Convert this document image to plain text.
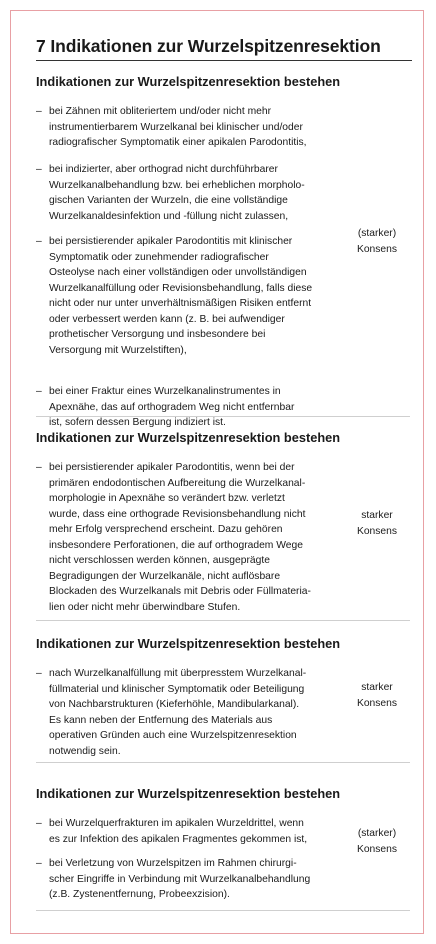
7 Indikationen zur Wurzelspitzenresektion
Indikationen zur Wurzelspitzenresektion bestehen
– bei Zähnen mit obliteriertem und/oder nicht mehr
instrumentierbarem Wurzelkanal bei klinischer und/oder
radiografischer Symptomatik einer apikalen Parodontitis,
– bei indizierter, aber orthograd nicht durchführbarer
Wurzelkanalbehandlung bzw. bei erheblichen morpholo-
gischen Varianten der Wurzeln, die eine vollständige
Wurzelkanaldesinfektion und -füllung nicht zulassen,
– bei persistierender apikaler Parodontitis mit klinischer
Symptomatik oder zunehmender radiografischer
Osteolyse nach einer vollständigen oder unvollständigen
Wurzelkanalfüllung oder Revisionsbehandlung, falls diese
nicht oder nur unter unverhältnismäßigen Risiken entfernt
oder verbessert werden kann (z. B. bei aufwendiger
prothetischer Versorgung und insbesondere bei
Versorgung mit Wurzelstiften),
– bei einer Fraktur eines Wurzelkanalinstrumentes in
Apexnähe, das auf orthogradem Weg nicht entfernbar
ist, sofern dessen Bergung indiziert ist.
(starker)
Konsens
Indikationen zur Wurzelspitzenresektion bestehen
– bei persistierender apikaler Parodontitis, wenn bei der
primären endodontischen Aufbereitung die Wurzelkanal-
morphologie in Apexnähe so verändert bzw. verletzt
wurde, dass eine orthograde Revisionsbehandlung nicht
mehr Erfolg versprechend erscheint. Dazu gehören
insbesondere Perforationen, die auf orthogradem Wege
nicht verschlossen werden können, ausgeprägte
Begradigungen der Wurzelkanäle, nicht auflösbare
Blockaden des Wurzelkanals mit Debris oder Füllmateria-
lien oder nicht mehr überwindbare Stufen.
starker
Konsens
Indikationen zur Wurzelspitzenresektion bestehen
– nach Wurzelkanalfüllung mit überpresstem Wurzelkanal-
füllmaterial und klinischer Symptomatik oder Beteiligung
von Nachbarstrukturen (Kieferhöhle, Mandibularkanal).
Es kann neben der Entfernung des Materials aus
operativen Gründen auch eine Wurzelspitzenresektion
notwendig sein.
starker
Konsens
Indikationen zur Wurzelspitzenresektion bestehen
– bei Wurzelquerfrakturen im apikalen Wurzeldrittel, wenn
es zur Infektion des apikalen Fragmentes gekommen ist,
– bei Verletzung von Wurzelspitzen im Rahmen chirurgi-
scher Eingriffe in Verbindung mit Wurzelkanalbehandlung
(z.B. Zystenentfernung, Probeexzision).
(starker)
Konsens
